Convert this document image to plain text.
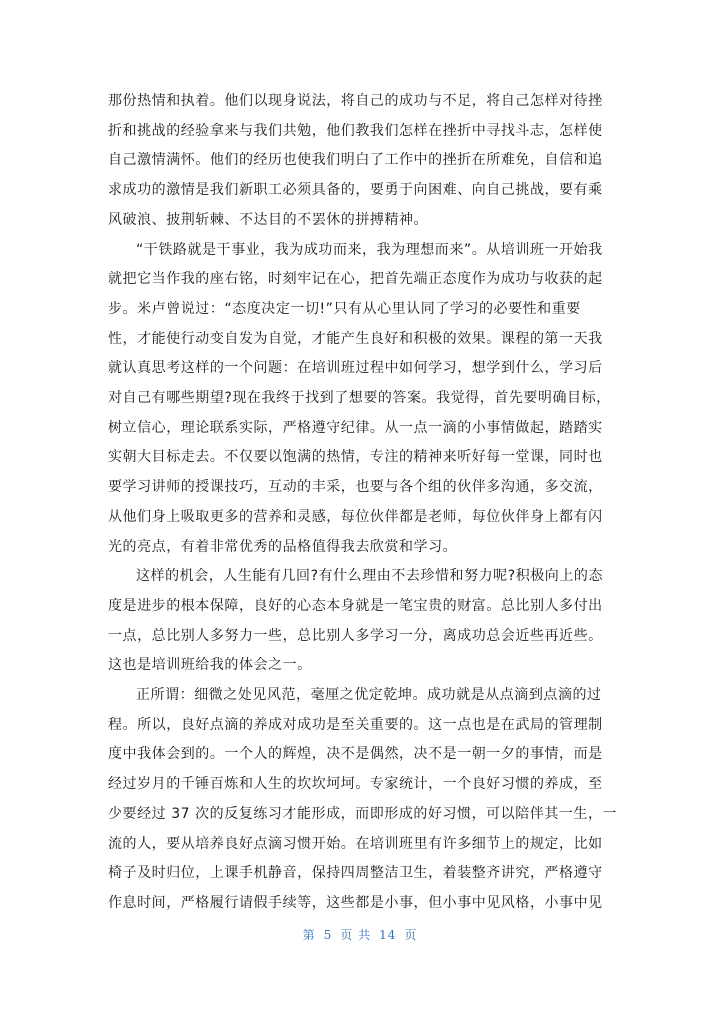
那份热情和执着。他们以现身说法，将自己的成功与不足，将自己怎样对待挫
折和挑战的经验拿来与我们共勉，他们教我们怎样在挫折中寻找斗志，怎样使
自己激情满怀。他们的经历也使我们明白了工作中的挫折在所难免，自信和追
求成功的激情是我们新职工必须具备的，要勇于向困难、向自己挑战，要有乘
风破浪、披荆斩棘、不达目的不罢休的拼搏精神。

“干铁路就是干事业，我为成功而来，我为理想而来”。从培训班一开始我
就把它当作我的座右铭，时刻牢记在心，把首先端正态度作为成功与收获的起
步。米卢曾说过：“态度决定一切!”只有从心里认同了学习的必要性和重要
性，才能使行动变自发为自觉，才能产生良好和积极的效果。课程的第一天我
就认真思考这样的一个问题：在培训班过程中如何学习，想学到什么，学习后
对自己有哪些期望?现在我终于找到了想要的答案。我觉得，首先要明确目标，
树立信心，理论联系实际，严格遵守纪律。从一点一滴的小事情做起，踏踏实
实朝大目标走去。不仅要以饱满的热情，专注的精神来听好每一堂课，同时也
要学习讲师的授课技巧，互动的丰采，也要与各个组的伙伴多沟通，多交流，
从他们身上吸取更多的营养和灵感，每位伙伴都是老师，每位伙伴身上都有闪
光的亮点，有着非常优秀的品格值得我去欣赏和学习。

这样的机会，人生能有几回?有什么理由不去珍惜和努力呢?积极向上的态
度是进步的根本保障，良好的心态本身就是一笔宝贵的财富。总比别人多付出
一点，总比别人多努力一些，总比别人多学习一分，离成功总会近些再近些。
这也是培训班给我的体会之一。

正所谓：细微之处见风范，毫厘之优定乾坤。成功就是从点滴到点滴的过
程。所以，良好点滴的养成对成功是至关重要的。这一点也是在武局的管理制
度中我体会到的。一个人的辉煌，决不是偶然，决不是一朝一夕的事情，而是
经过岁月的千锤百炼和人生的坎坎坷坷。专家统计，一个良好习惯的养成，至
少要经过 37 次的反复练习才能形成，而即形成的好习惯，可以陪伴其一生，一
流的人，要从培养良好点滴习惯开始。在培训班里有许多细节上的规定，比如
椅子及时归位，上课手机静音，保持四周整洁卫生，着装整齐讲究，严格遵守
作息时间，严格履行请假手续等，这些都是小事，但小事中见风格，小事中见

第 5 页 共 14 页
